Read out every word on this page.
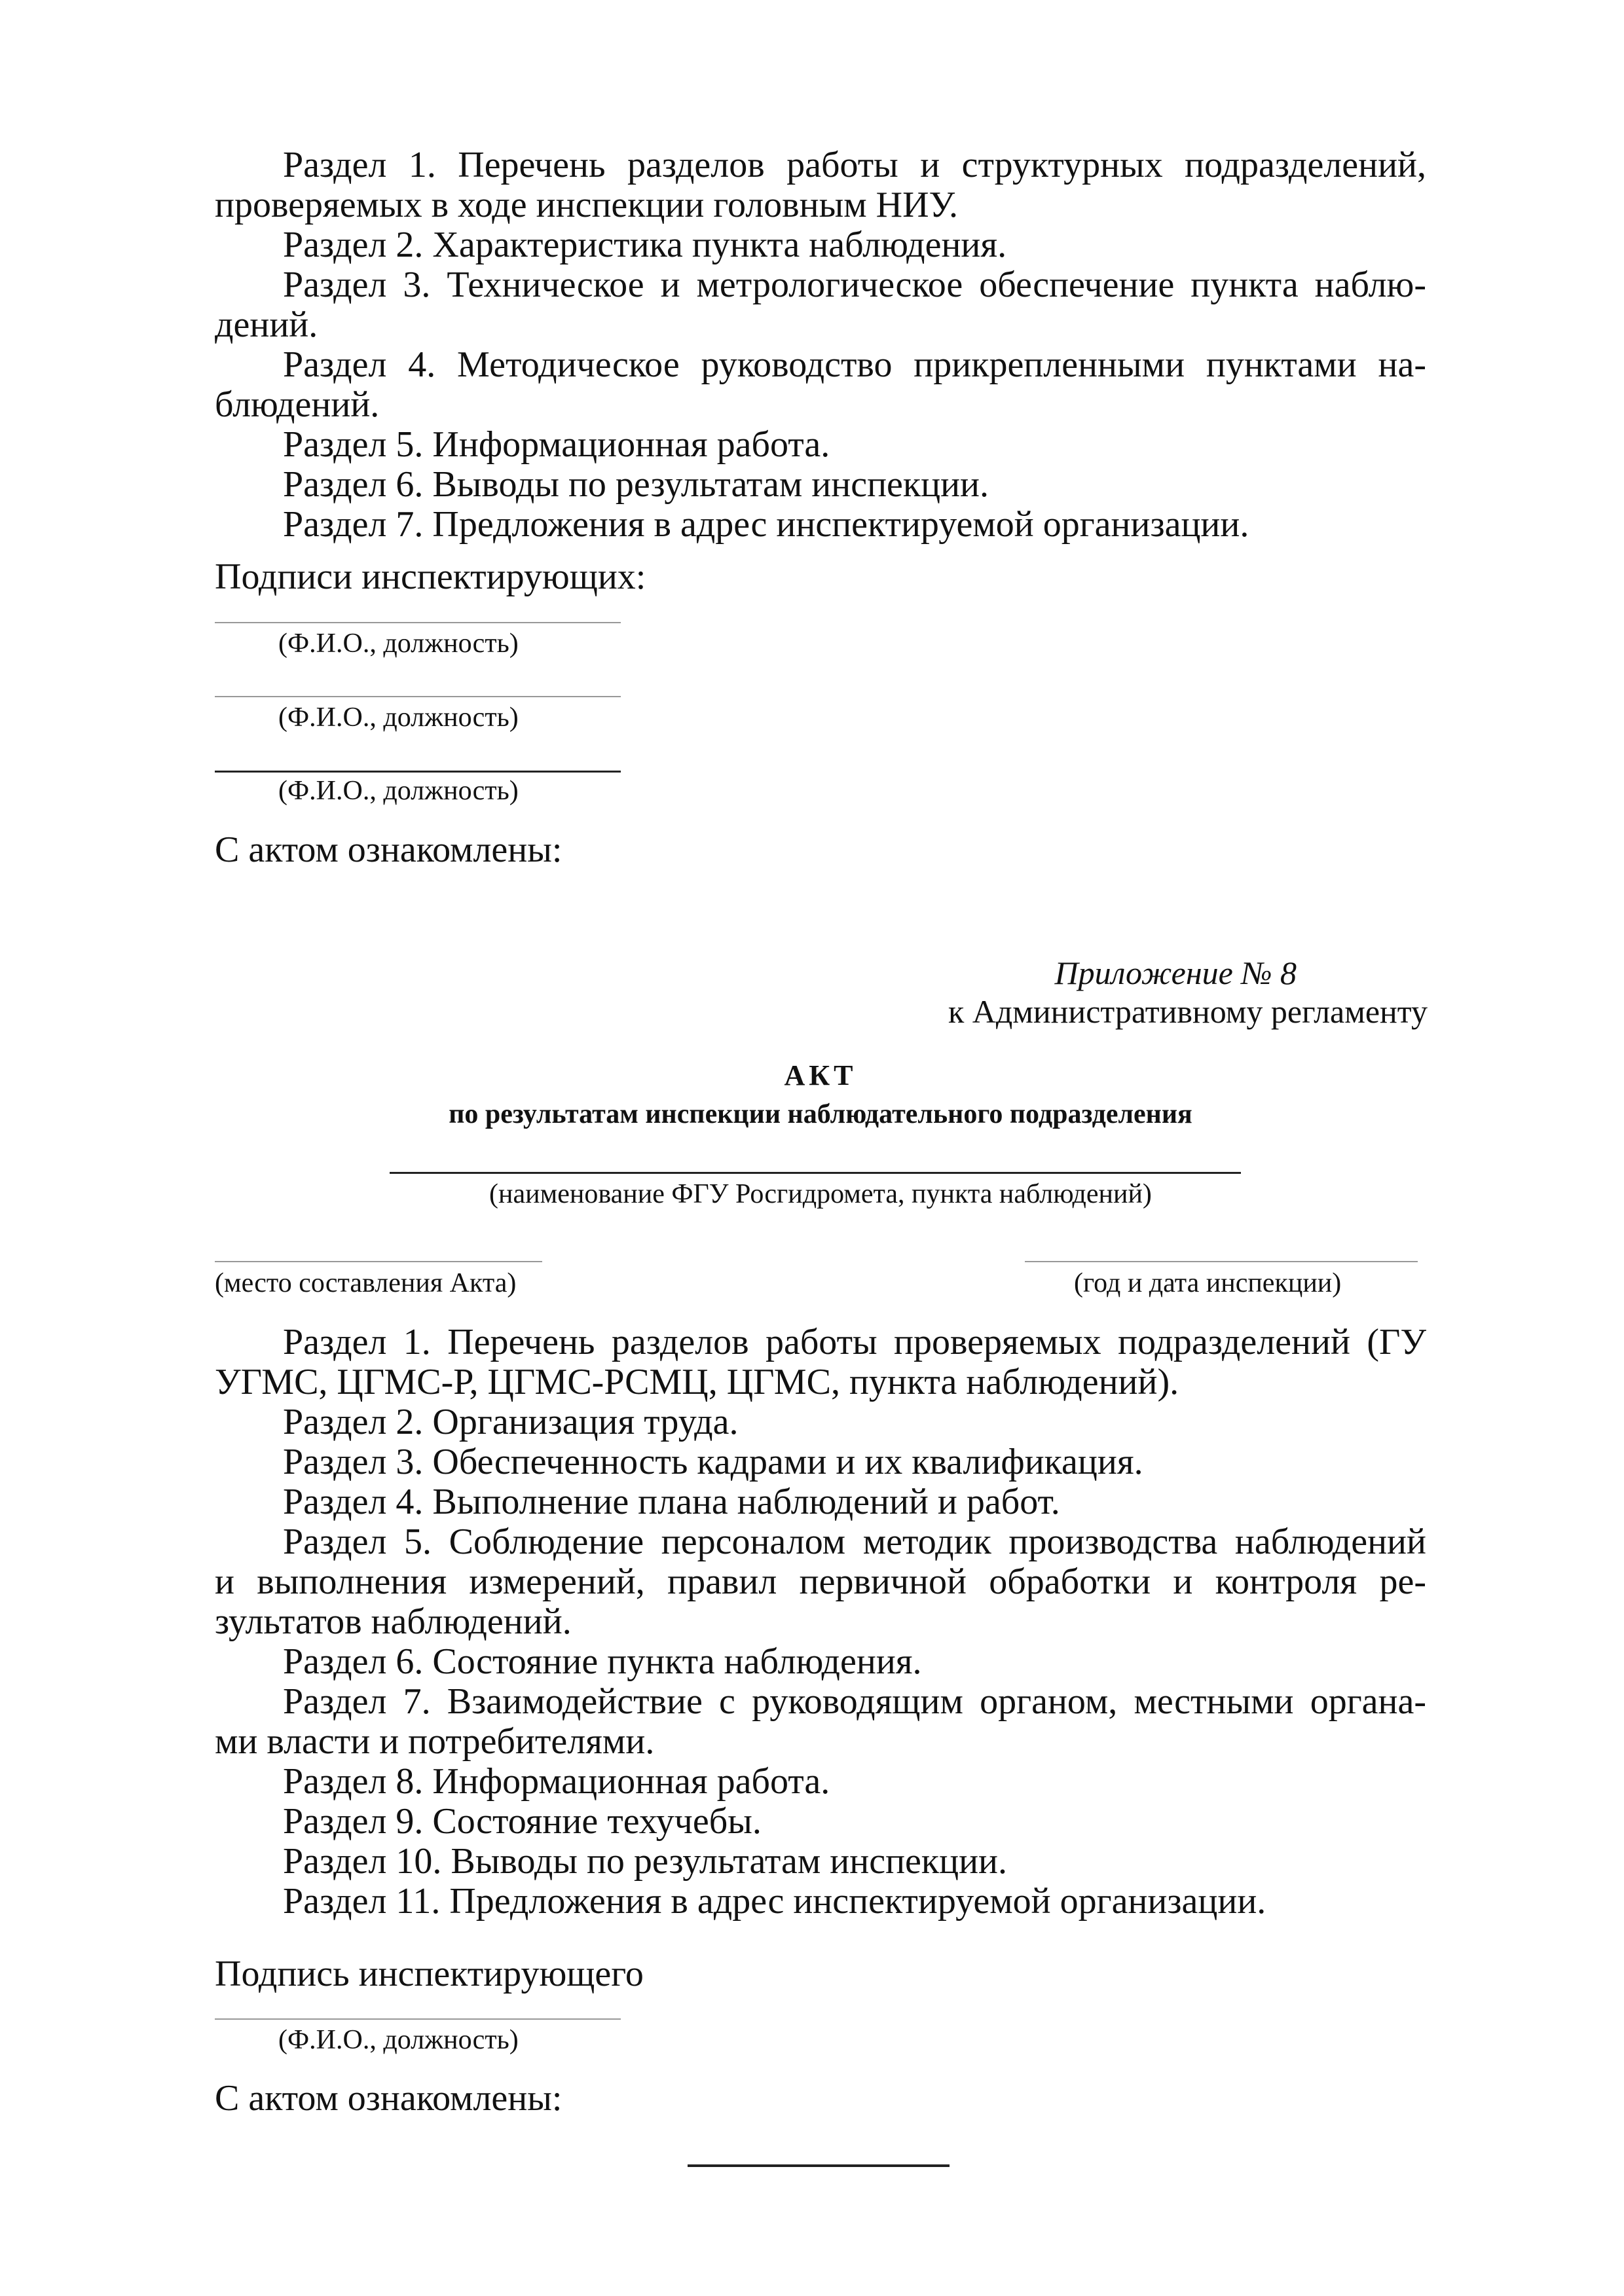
Раздел 1. Перечень разделов работы и структурных подразделений,
проверяемых в ходе инспекции головным НИУ.
Раздел 2. Характеристика пункта наблюдения.
Раздел 3. Техническое и метрологическое обеспечение пункта наблю-
дений.
Раздел 4. Методическое руководство прикрепленными пунктами на-
блюдений.
Раздел 5. Информационная работа.
Раздел 6. Выводы по результатам инспекции.
Раздел 7. Предложения в адрес инспектируемой организации.
Подписи инспектирующих:
(Ф.И.О., должность)
(Ф.И.О., должность)
(Ф.И.О., должность)
С актом ознакомлены:
Приложение № 8
к Административному регламенту
АКТ
по результатам инспекции наблюдательного подразделения
(наименование ФГУ Росгидромета, пункта наблюдений)
(место составления Акта)	(год и дата инспекции)
Раздел 1. Перечень разделов работы проверяемых подразделений (ГУ
УГМС, ЦГМС-Р, ЦГМС-РСМЦ, ЦГМС, пункта наблюдений).
Раздел 2. Организация труда.
Раздел 3. Обеспеченность кадрами и их квалификация.
Раздел 4. Выполнение плана наблюдений и работ.
Раздел 5. Соблюдение персоналом методик производства наблюдений
и выполнения измерений, правил первичной обработки и контроля ре-
зультатов наблюдений.
Раздел 6. Состояние пункта наблюдения.
Раздел 7. Взаимодействие с руководящим органом, местными органа-
ми власти и потребителями.
Раздел 8. Информационная работа.
Раздел 9. Состояние техучебы.
Раздел 10. Выводы по результатам инспекции.
Раздел 11. Предложения в адрес инспектируемой организации.
Подпись инспектирующего
(Ф.И.О., должность)
С актом ознакомлены:
